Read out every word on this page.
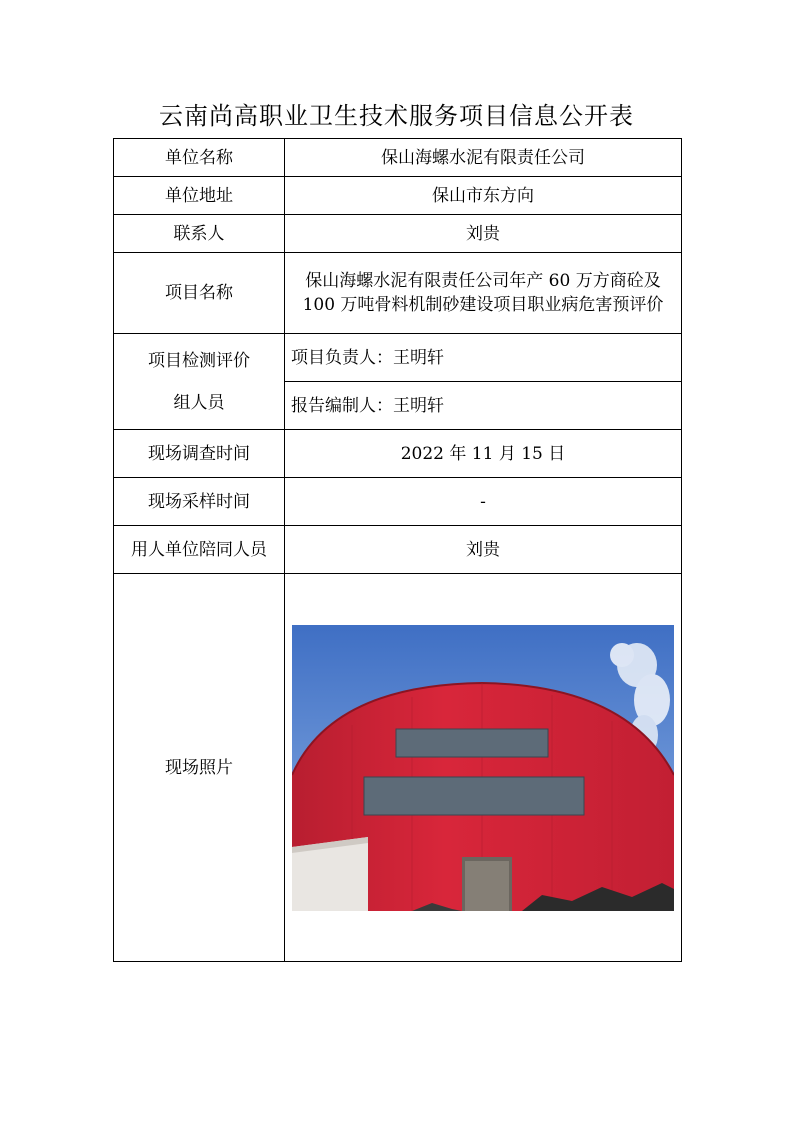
云南尚高职业卫生技术服务项目信息公开表
单位名称	保山海螺水泥有限责任公司
单位地址	保山市东方向
联系人	刘贵
项目名称	保山海螺水泥有限责任公司年产 60 万方商砼及 100 万吨骨料机制砂建设项目职业病危害预评价

项目检测评价
组人员	项目负责人：王明轩
	报告编制人：王明轩
现场调查时间	2022 年 11 月 15 日
现场采样时间	-
用人单位陪同人员	刘贵
现场照片	
